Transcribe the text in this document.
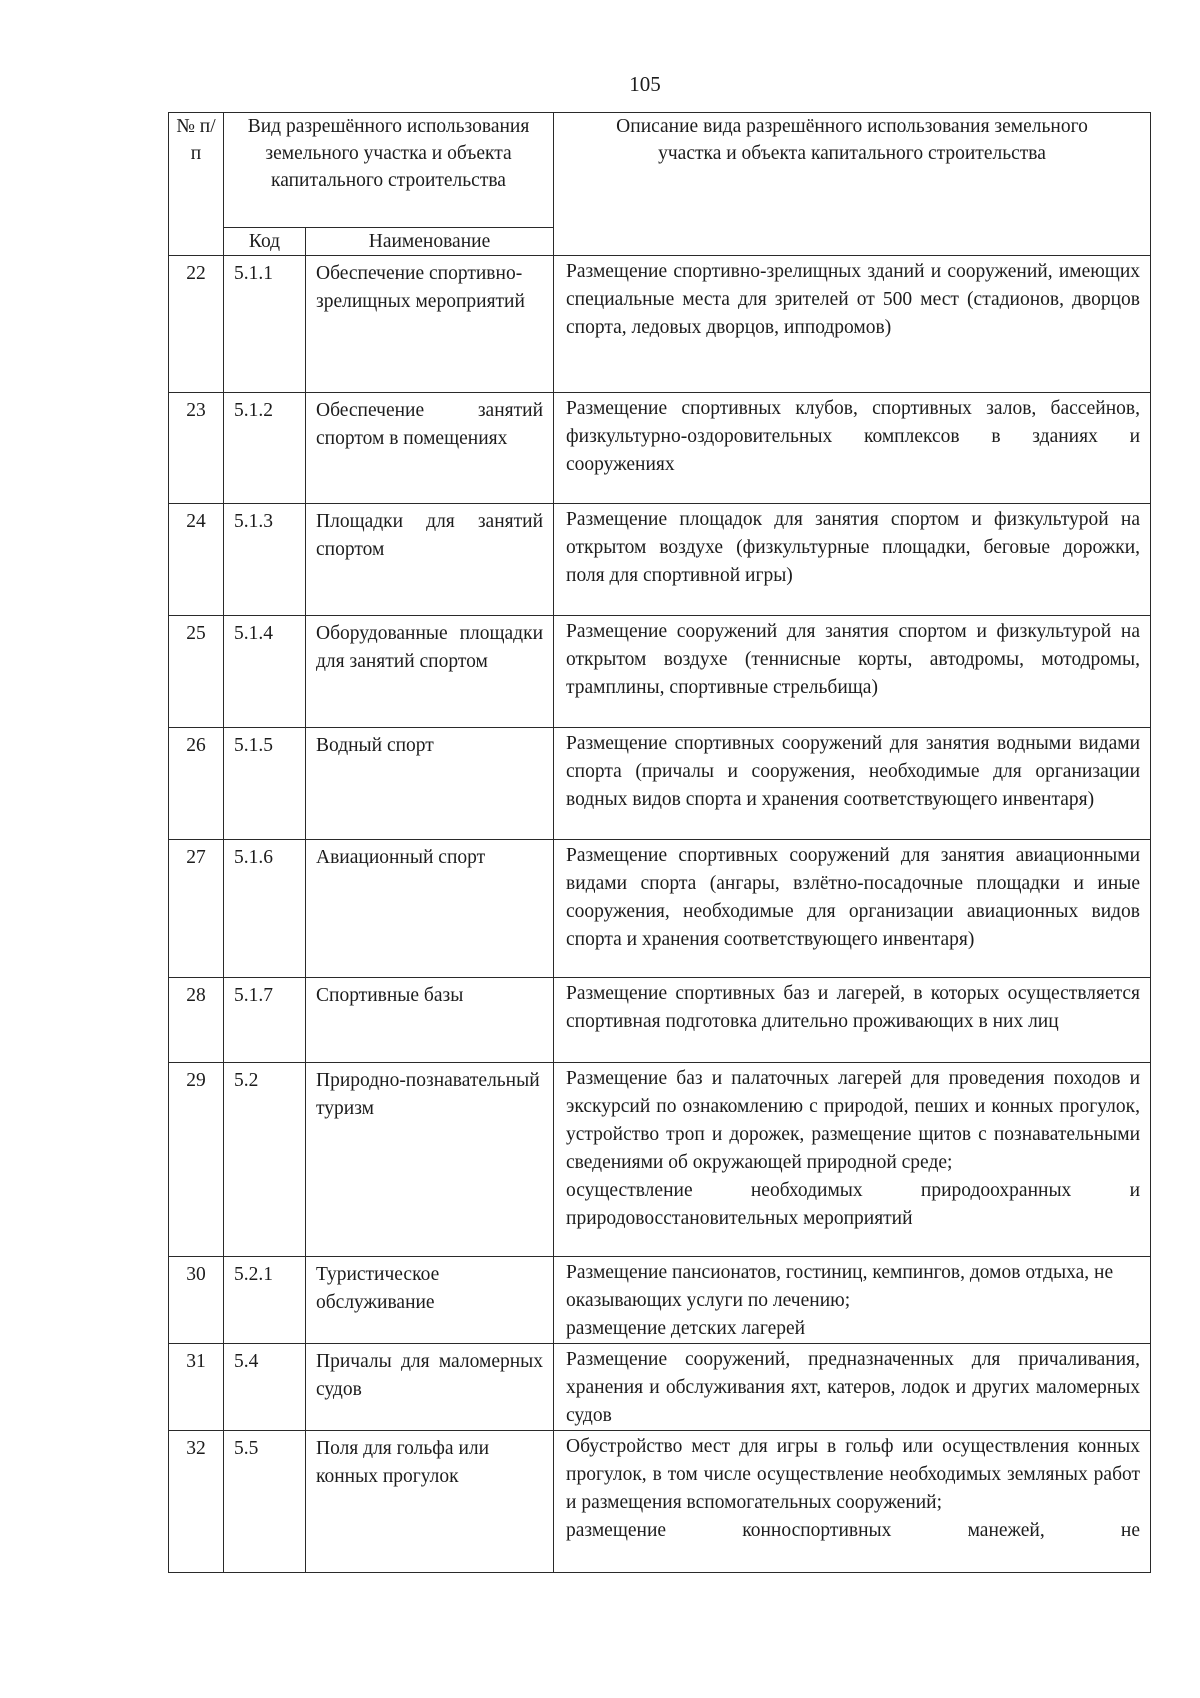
105
№ п/п	Вид разрешённого использования земельного участка и объекта капитального строительства		Описание вида разрешённого использования земельного участка и объекта капитального строительства
	Код	Наименование	
22	5.1.1	Обеспечение спортивно-зрелищных мероприятий	Размещение спортивно-зрелищных зданий и сооружений, имеющих специальные места для зрителей от 500 мест (стадионов, дворцов спорта, ледовых дворцов, ипподромов)
23	5.1.2	Обеспечение занятий спортом в помещениях	Размещение спортивных клубов, спортивных залов, бассейнов, физкультурно-оздоровительных комплексов в зданиях и сооружениях
24	5.1.3	Площадки для занятий спортом	Размещение площадок для занятия спортом и физкультурой на открытом воздухе (физкультурные площадки, беговые дорожки, поля для спортивной игры)
25	5.1.4	Оборудованные площадки для занятий спортом	Размещение сооружений для занятия спортом и физкультурой на открытом воздухе (теннисные корты, автодромы, мотодромы, трамплины, спортивные стрельбища)
26	5.1.5	Водный спорт	Размещение спортивных сооружений для занятия водными видами спорта (причалы и сооружения, необходимые для организации водных видов спорта и хранения соответствующего инвентаря)
27	5.1.6	Авиационный спорт	Размещение спортивных сооружений для занятия авиационными видами спорта (ангары, взлётно-посадочные площадки и иные сооружения, необходимые для организации авиационных видов спорта и хранения соответствующего инвентаря)
28	5.1.7	Спортивные базы	Размещение спортивных баз и лагерей, в которых осуществляется спортивная подготовка длительно проживающих в них лиц
29	5.2	Природно-познавательный туризм	Размещение баз и палаточных лагерей для проведения походов и экскурсий по ознакомлению с природой, пеших и конных прогулок, устройство троп и дорожек, размещение щитов с познавательными сведениями об окружающей природной среде;
осуществление необходимых природоохранных и природовосстановительных мероприятий

30	5.2.1	Туристическое обслуживание	Размещение пансионатов, гостиниц, кемпингов, домов отдыха, не оказывающих услуги по лечению;
размещение детских лагерей

31	5.4	Причалы для маломерных судов	Размещение сооружений, предназначенных для причаливания, хранения и обслуживания яхт, катеров, лодок и других маломерных судов
32	5.5	Поля для гольфа или конных прогулок	Обустройство мест для игры в гольф или осуществления конных прогулок, в том числе осуществление необходимых земляных работ и размещения вспомогательных сооружений;
размещение конноспортивных манежей, не
